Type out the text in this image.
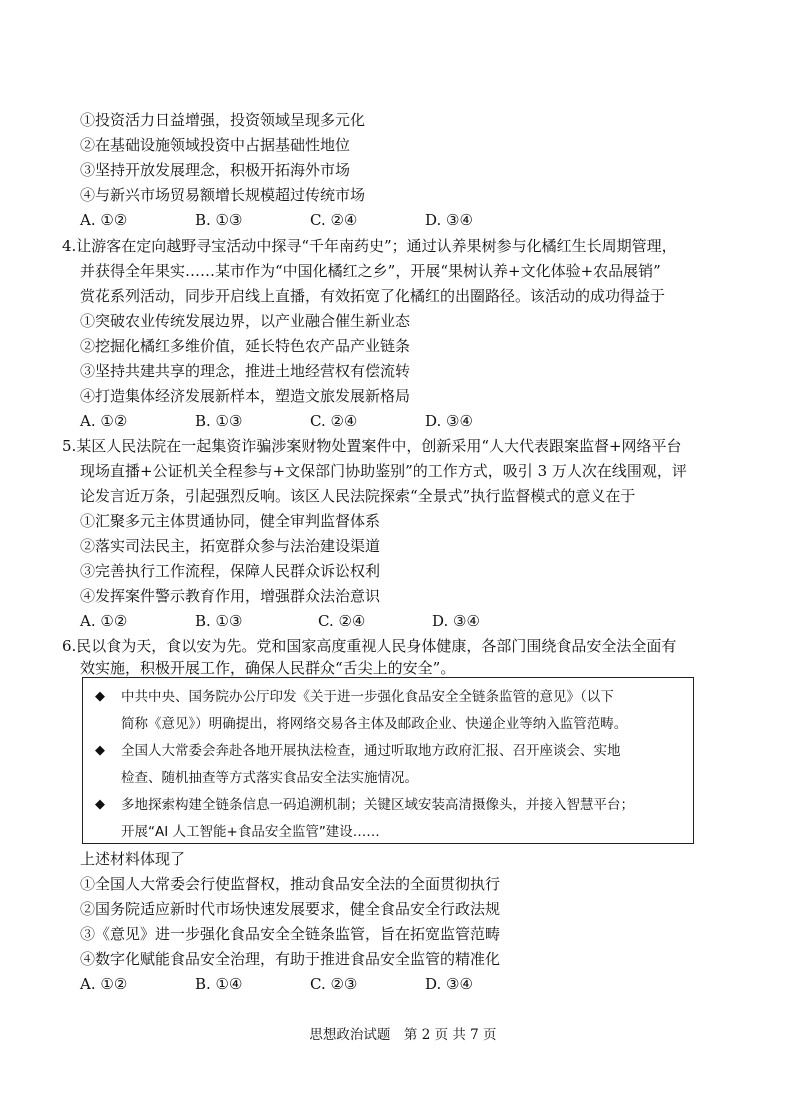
①投资活力日益增强，投资领域呈现多元化
②在基础设施领域投资中占据基础性地位
③坚持开放发展理念，积极开拓海外市场
④与新兴市场贸易额增长规模超过传统市场
A. ①②	B. ①③	C. ②④	D. ③④
4.让游客在定向越野寻宝活动中探寻“千年南药史”；通过认养果树参与化橘红生长周期管理，
并获得全年果实……某市作为“中国化橘红之乡”，开展“果树认养+文化体验+农品展销”
赏花系列活动，同步开启线上直播，有效拓宽了化橘红的出圈路径。该活动的成功得益于
①突破农业传统发展边界，以产业融合催生新业态
②挖掘化橘红多维价值，延长特色农产品产业链条
③坚持共建共享的理念，推进土地经营权有偿流转
④打造集体经济发展新样本，塑造文旅发展新格局
A. ①②	B. ①③	C. ②④	D. ③④
5.某区人民法院在一起集资诈骗涉案财物处置案件中，创新采用“人大代表跟案监督+网络平台
现场直播+公证机关全程参与+文保部门协助鉴别”的工作方式，吸引 3 万人次在线围观，评
论发言近万条，引起强烈反响。该区人民法院探索“全景式”执行监督模式的意义在于
①汇聚多元主体贯通协同，健全审判监督体系
②落实司法民主，拓宽群众参与法治建设渠道
③完善执行工作流程，保障人民群众诉讼权利
④发挥案件警示教育作用，增强群众法治意识
A. ①②	B. ①③	C. ②④	D. ③④
6.民以食为天，食以安为先。党和国家高度重视人民身体健康，各部门围绕食品安全法全面有
效实施，积极开展工作，确保人民群众“舌尖上的安全”。
◆ 中共中央、国务院办公厅印发《关于进一步强化食品安全全链条监管的意见》（以下
简称《意见》）明确提出，将网络交易各主体及邮政企业、快递企业等纳入监管范畴。
◆ 全国人大常委会奔赴各地开展执法检查，通过听取地方政府汇报、召开座谈会、实地
检查、随机抽查等方式落实食品安全法实施情况。
◆ 多地探索构建全链条信息一码追溯机制；关键区域安装高清摄像头，并接入智慧平台；
开展“AI 人工智能+食品安全监管”建设……
上述材料体现了
①全国人大常委会行使监督权，推动食品安全法的全面贯彻执行
②国务院适应新时代市场快速发展要求，健全食品安全行政法规
③《意见》进一步强化食品安全全链条监管，旨在拓宽监管范畴
④数字化赋能食品安全治理，有助于推进食品安全监管的精准化
A. ①②	B. ①④	C. ②③	D. ③④
思想政治试题　第 2 页 共 7 页
